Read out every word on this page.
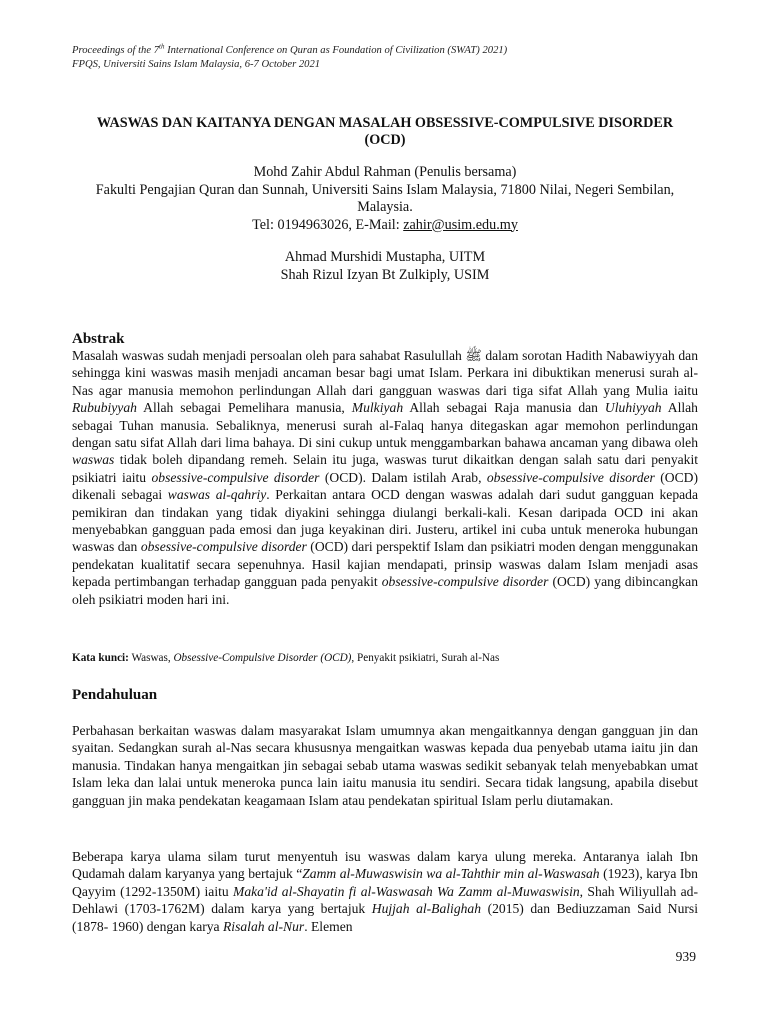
Proceedings of the 7th International Conference on Quran as Foundation of Civilization (SWAT) 2021)
FPQS, Universiti Sains Islam Malaysia, 6-7 October 2021
WASWAS DAN KAITANYA DENGAN MASALAH OBSESSIVE-COMPULSIVE DISORDER
(OCD)
Mohd Zahir Abdul Rahman (Penulis bersama)
Fakulti Pengajian Quran dan Sunnah, Universiti Sains Islam Malaysia, 71800 Nilai, Negeri Sembilan, Malaysia.
Tel: 0194963026, E-Mail: zahir@usim.edu.my
Ahmad Murshidi Mustapha, UITM
Shah Rizul Izyan Bt Zulkiply, USIM
Abstrak
Masalah waswas sudah menjadi persoalan oleh para sahabat Rasulullah ﷺ dalam sorotan Hadith Nabawiyyah dan sehingga kini waswas masih menjadi ancaman besar bagi umat Islam. Perkara ini dibuktikan menerusi surah al-Nas agar manusia memohon perlindungan Allah dari gangguan waswas dari tiga sifat Allah yang Mulia iaitu Rububiyyah Allah sebagai Pemelihara manusia, Mulkiyah Allah sebagai Raja manusia dan Uluhiyyah Allah sebagai Tuhan manusia. Sebaliknya, menerusi surah al-Falaq hanya ditegaskan agar memohon perlindungan dengan satu sifat Allah dari lima bahaya. Di sini cukup untuk menggambarkan bahawa ancaman yang dibawa oleh waswas tidak boleh dipandang remeh. Selain itu juga, waswas turut dikaitkan dengan salah satu dari penyakit psikiatri iaitu obsessive-compulsive disorder (OCD). Dalam istilah Arab, obsessive-compulsive disorder (OCD) dikenali sebagai waswas al-qahriy. Perkaitan antara OCD dengan waswas adalah dari sudut gangguan kepada pemikiran dan tindakan yang tidak diyakini sehingga diulangi berkali-kali. Kesan daripada OCD ini akan menyebabkan gangguan pada emosi dan juga keyakinan diri. Justeru, artikel ini cuba untuk meneroka hubungan waswas dan obsessive-compulsive disorder (OCD) dari perspektif Islam dan psikiatri moden dengan menggunakan pendekatan kualitatif secara sepenuhnya. Hasil kajian mendapati, prinsip waswas dalam Islam menjadi asas kepada pertimbangan terhadap gangguan pada penyakit obsessive-compulsive disorder (OCD) yang dibincangkan oleh psikiatri moden hari ini.
Kata kunci: Waswas, Obsessive-Compulsive Disorder (OCD), Penyakit psikiatri, Surah al-Nas
Pendahuluan
Perbahasan berkaitan waswas dalam masyarakat Islam umumnya akan mengaitkannya dengan gangguan jin dan syaitan. Sedangkan surah al-Nas secara khususnya mengaitkan waswas kepada dua penyebab utama iaitu jin dan manusia. Tindakan hanya mengaitkan jin sebagai sebab utama waswas sedikit sebanyak telah menyebabkan umat Islam leka dan lalai untuk meneroka punca lain iaitu manusia itu sendiri. Secara tidak langsung, apabila disebut gangguan jin maka pendekatan keagamaan Islam atau pendekatan spiritual Islam perlu diutamakan.
Beberapa karya ulama silam turut menyentuh isu waswas dalam karya ulung mereka. Antaranya ialah Ibn Qudamah dalam karyanya yang bertajuk “Zamm al-Muwaswisin wa al-Tahthir min al-Waswasah (1923), karya Ibn Qayyim (1292-1350M) iaitu Maka'id al-Shayatin fi al-Waswasah Wa Zamm al-Muwaswisin, Shah Wiliyullah ad-Dehlawi (1703-1762M) dalam karya yang bertajuk Hujjah al-Balighah (2015) dan Bediuzzaman Said Nursi (1878- 1960) dengan karya Risalah al-Nur. Elemen
939
